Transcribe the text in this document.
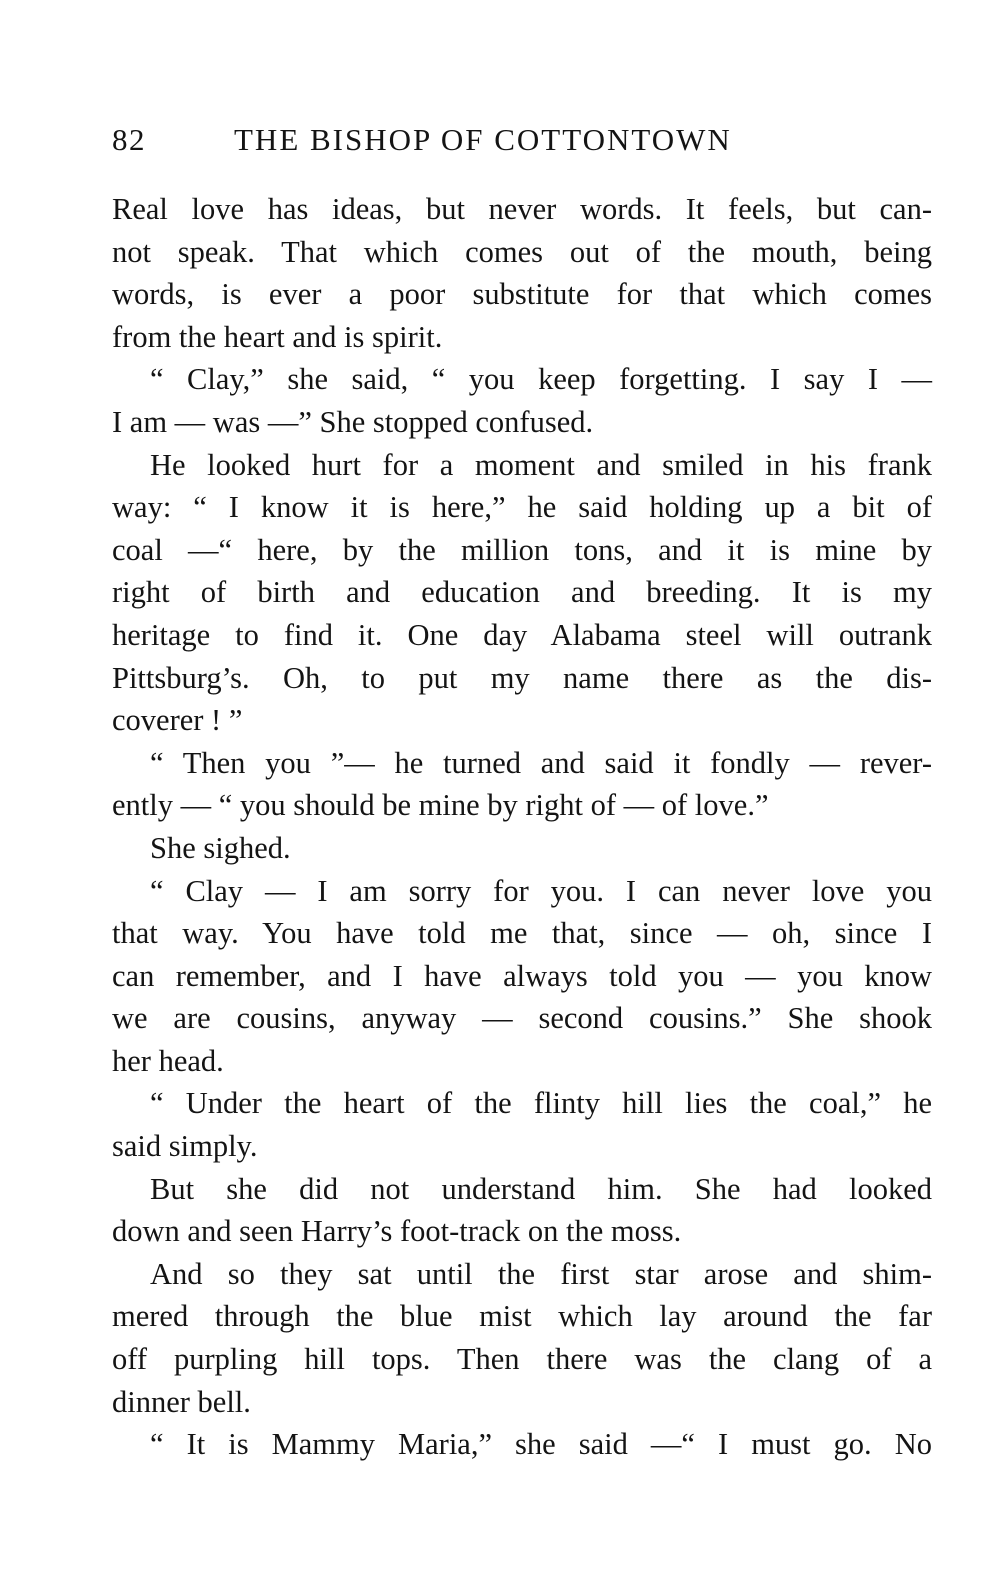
82	THE BISHOP OF COTTONTOWN
Real love has ideas, but never words. It feels, but can-
not speak. That which comes out of the mouth, being
words, is ever a poor substitute for that which comes
from the heart and is spirit.
“ Clay,” she said, “ you keep forgetting. I say I —
I am — was —” She stopped confused.
He looked hurt for a moment and smiled in his frank
way: “ I know it is here,” he said holding up a bit of
coal —“ here, by the million tons, and it is mine by
right of birth and education and breeding. It is my
heritage to find it. One day Alabama steel will outrank
Pittsburg’s. Oh, to put my name there as the dis-
coverer ! ”
“ Then you ”— he turned and said it fondly — rever-
ently — “ you should be mine by right of — of love.”
She sighed.
“ Clay — I am sorry for you. I can never love you
that way. You have told me that, since — oh, since I
can remember, and I have always told you — you know
we are cousins, anyway — second cousins.” She shook
her head.
“ Under the heart of the flinty hill lies the coal,” he
said simply.
But she did not understand him. She had looked
down and seen Harry’s foot-track on the moss.
And so they sat until the first star arose and shim-
mered through the blue mist which lay around the far
off purpling hill tops. Then there was the clang of a
dinner bell.
“ It is Mammy Maria,” she said —“ I must go. No
